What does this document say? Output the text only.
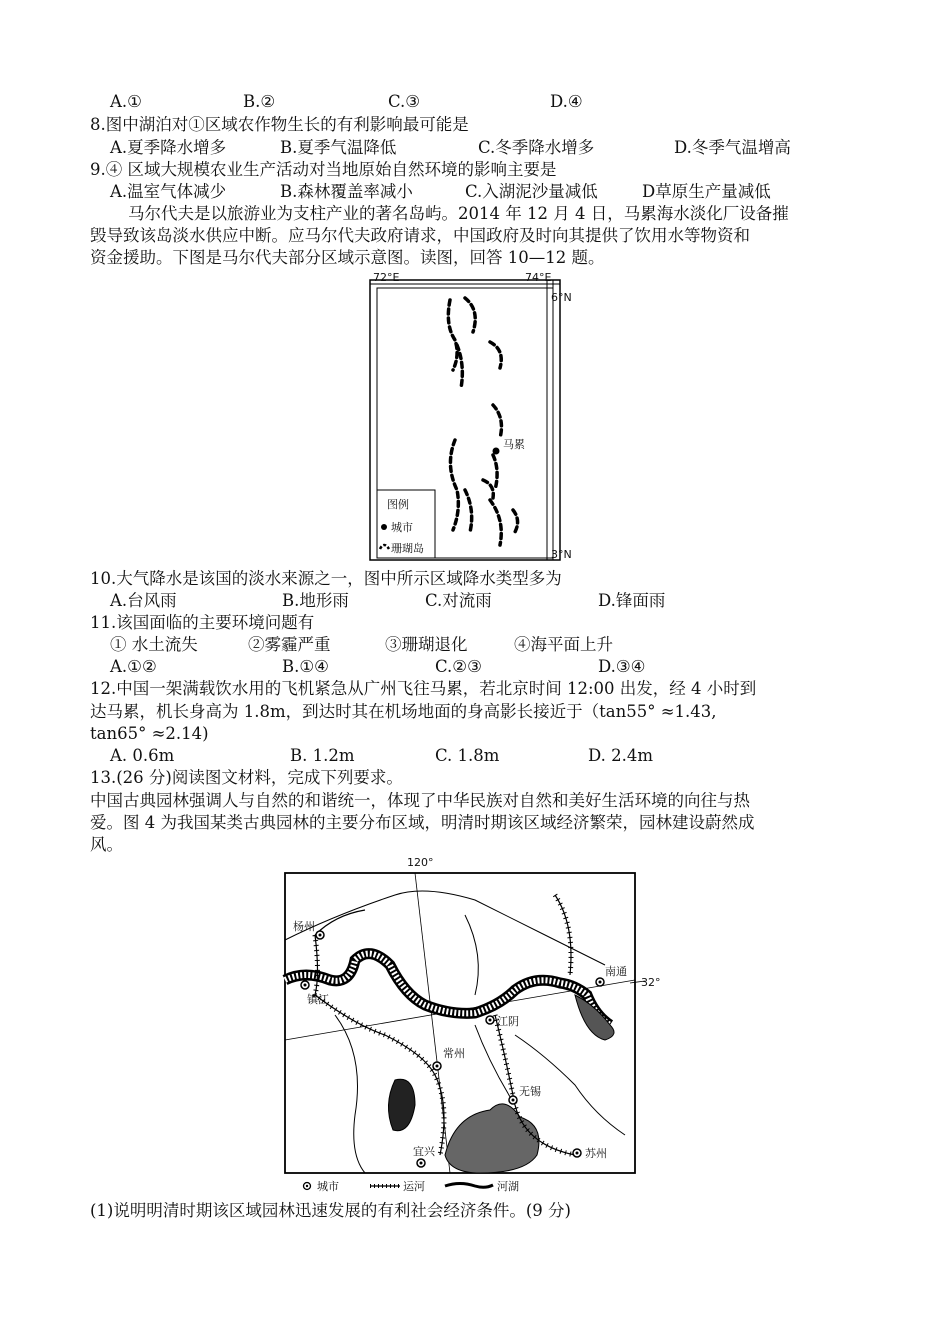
A.①	B.②	C.③	D.④
8.图中湖泊对①区域农作物生长的有利影响最可能是
A.夏季降水增多	B.夏季气温降低	C.冬季降水增多	D.冬季气温增高
9.④ 区域大规模农业生产活动对当地原始自然环境的影响主要是
A.温室气体减少	B.森林覆盖率减小	C.入湖泥沙量减低	D草原生产量减低
马尔代夫是以旅游业为支柱产业的著名岛屿。2014 年 12 月 4 日，马累海水淡化厂设备摧
毁导致该岛淡水供应中断。应马尔代夫政府请求，中国政府及时向其提供了饮用水等物资和
资金援助。下图是马尔代夫部分区域示意图。读图，回答 10—12 题。
72°E	74°E
6°N
3°N
马累
图例
城市
珊瑚岛
10.大气降水是该国的淡水来源之一，图中所示区域降水类型多为
A.台风雨	B.地形雨	C.对流雨	D.锋面雨
11.该国面临的主要环境问题有
① 水土流失	②雾霾严重	③珊瑚退化	④海平面上升
A.①②	B.①④	C.②③	D.③④
12.中国一架满载饮水用的飞机紧急从广州飞往马累，若北京时间 12:00 出发，经 4 小时到
达马累，机长身高为 1.8m，到达时其在机场地面的身高影长接近于（tan55° ≈1.43,
tan65° ≈2.14)
A. 0.6m	B. 1.2m	C. 1.8m	D. 2.4m
13.(26 分)阅读图文材料，完成下列要求。
中国古典园林强调人与自然的和谐统一，体现了中华民族对自然和美好生活环境的向往与热
爱。图 4 为我国某类古典园林的主要分布区域，明清时期该区域经济繁荣，园林建设蔚然成
风。
120°
32°
杨州
镇江
江阴
常州
无锡
南通
宜兴	苏州
城市	运河	河湖
(1)说明明清时期该区域园林迅速发展的有利社会经济条件。(9 分)
